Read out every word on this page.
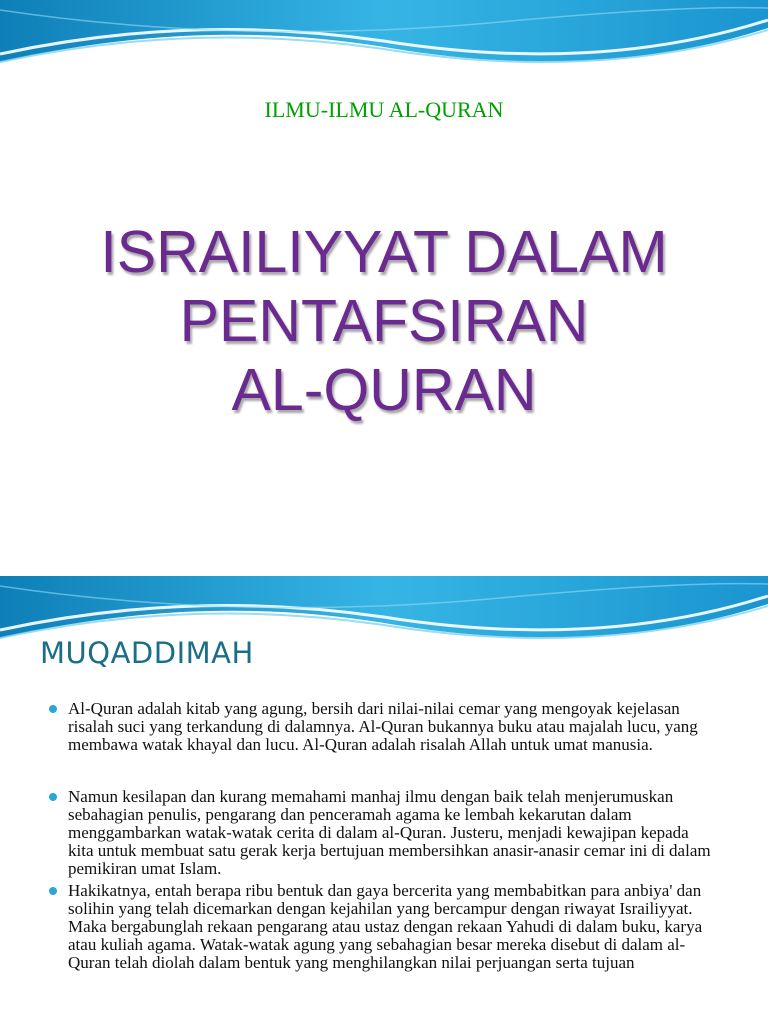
ILMU-ILMU AL-QURAN
ISRAILIYYAT DALAM
PENTAFSIRAN
AL-QURAN
MUQADDIMAH
Al-Quran adalah kitab yang agung, bersih dari nilai-nilai cemar yang mengoyak kejelasan risalah suci yang terkandung di dalamnya. Al-Quran bukannya buku atau majalah lucu, yang membawa watak khayal dan lucu. Al-Quran adalah risalah Allah untuk umat manusia.
Namun kesilapan dan kurang memahami manhaj ilmu dengan baik telah menjerumuskan sebahagian penulis, pengarang dan penceramah agama ke lembah kekarutan dalam menggambarkan watak-watak cerita di dalam al-Quran. Justeru, menjadi kewajipan kepada kita untuk membuat satu gerak kerja bertujuan membersihkan anasir-anasir cemar ini di dalam pemikiran umat Islam.
Hakikatnya, entah berapa ribu bentuk dan gaya bercerita yang membabitkan para anbiya' dan solihin yang telah dicemarkan dengan kejahilan yang bercampur dengan riwayat Israiliyyat. Maka bergabunglah rekaan pengarang atau ustaz dengan rekaan Yahudi di dalam buku, karya atau kuliah agama. Watak-watak agung yang sebahagian besar mereka disebut di dalam al-Quran telah diolah dalam bentuk yang menghilangkan nilai perjuangan serta tujuan
